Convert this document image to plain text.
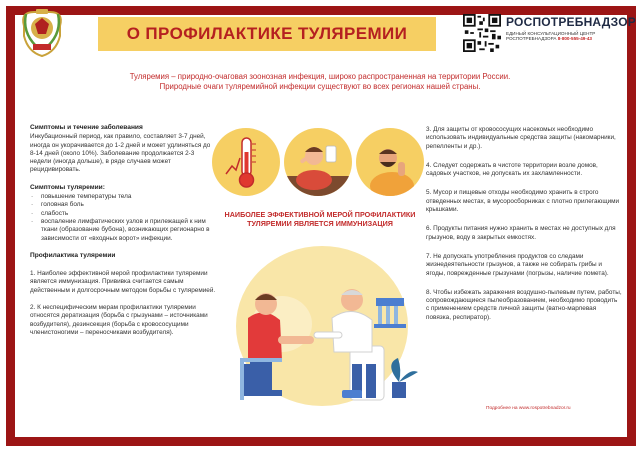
О ПРОФИЛАКТИКЕ ТУЛЯРЕМИИ
РОСПОТРЕБНАДЗОР
ЕДИНЫЙ КОНСУЛЬТАЦИОННЫЙ ЦЕНТР
РОСПОТРЕБНАДЗОРА 8-800-555-49-43
Туляремия – природно-очаговая зоонозная инфекция, широко распространенная на территории России.
Природные очаги туляремийной инфекции существуют во всех регионах нашей страны.
Симптомы и течение заболевания

Инкубационный период, как правило, составляет 3-7 дней, иногда он укорачивается до 1-2 дней и может удлиняться до 8-14 дней (около 10%). Заболевание продолжается 2-3 недели (иногда дольше), в ряде случаев может рецидивировать.

Симптомы туляремии:
· повышение температуры тела
· головная боль
· слабость
· воспаление лимфатических узлов и прилежащей к ним ткани (образование бубона), возникающих регионарно в зависимости от «входных ворот» инфекции.
Профилактика туляремии

1. Наиболее эффективной мерой профилактики туляремии является иммунизация. Прививка считается самым действенным и долгосрочным методом борьбы с туляремией.

2. К неспецифическим мерам профилактики туляремии относятся дератизация (борьба с грызунами – источниками возбудителя), дезинсекция (борьба с кровососущими членистоногими – переносчиками возбудителя).

НАИБОЛЕЕ ЭФФЕКТИВНОЙ МЕРОЙ ПРОФИЛАКТИКИ
ТУЛЯРЕМИИ ЯВЛЯЕТСЯ ИММУНИЗАЦИЯ

3. Для защиты от кровососущих насекомых необходимо использовать индивидуальные средства защиты (накомарники, репелленты и др.).

4. Следует содержать в чистоте территории возле домов, садовых участков, не допускать их захламленности.

5. Мусор и пищевые отходы необходимо хранить в строго отведенных местах, в мусоросборниках с плотно прилегающими крышками.

6. Продукты питания нужно хранить в местах не доступных для грызунов, воду в закрытых емкостях.

7. Не допускать употребления продуктов со следами жизнедеятельности грызунов, а также не собирать грибы и ягоды, поврежденные грызунами (погрызы, наличие помета).

8. Чтобы избежать заражения воздушно-пылевым путем, работы, сопровождающиеся пылеобразованием, необходимо проводить с применением средств личной защиты (ватно-марлевая повязка, респиратор).

Подробнее на www.rospotrebnadzor.ru
